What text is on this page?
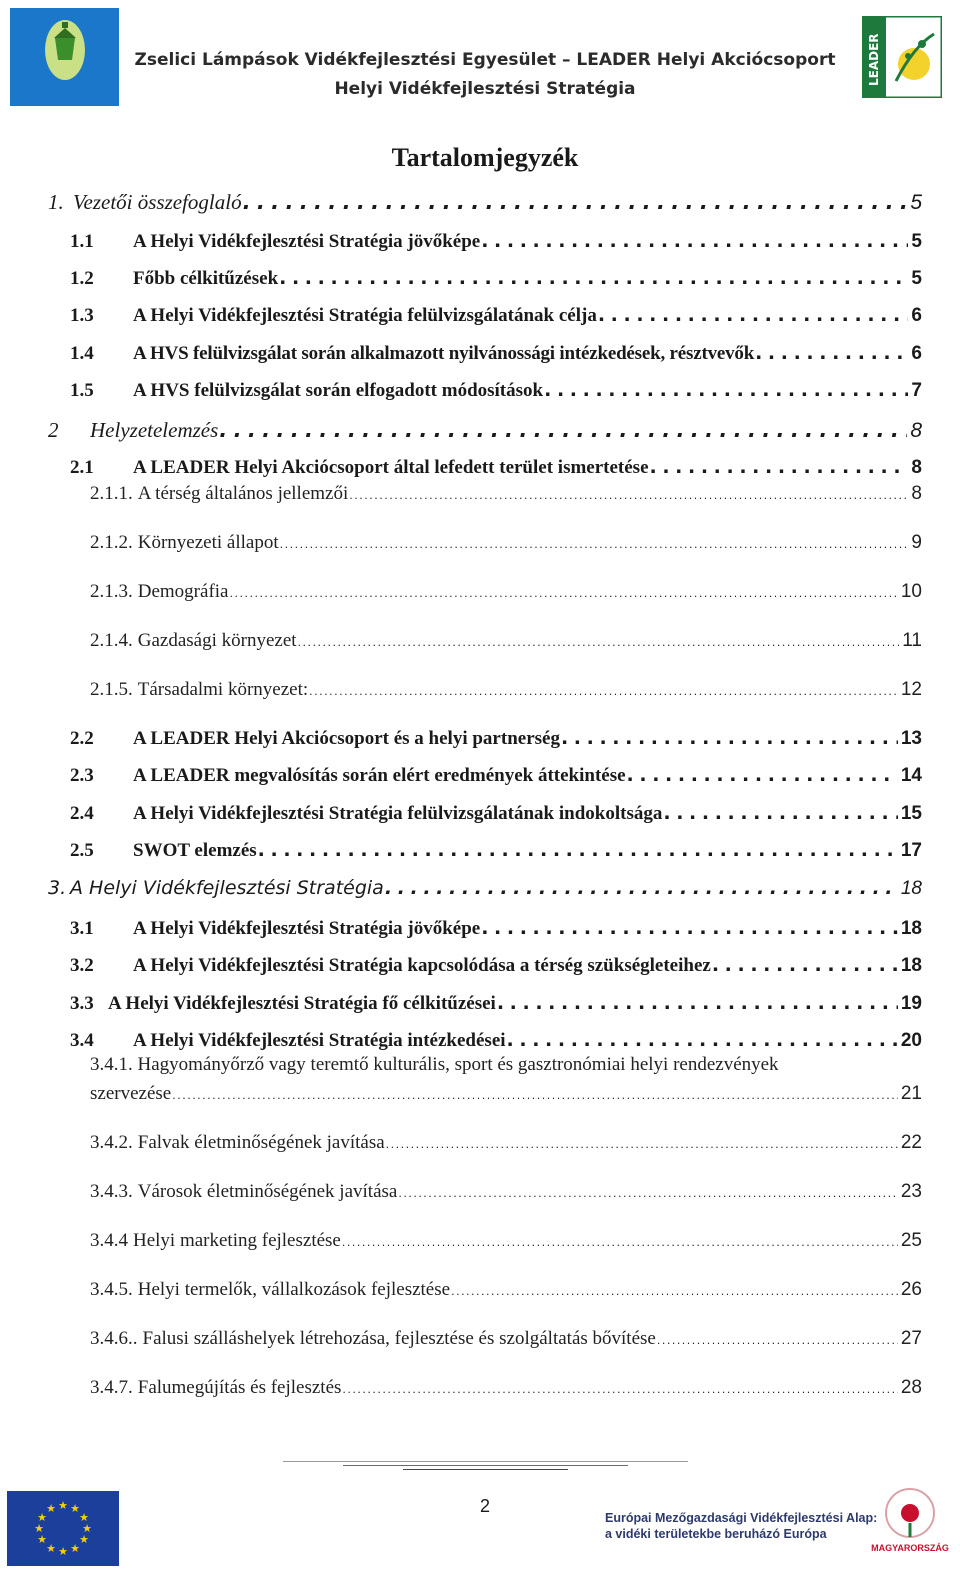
Zselici Lámpások Vidékfejlesztési Egyesület – LEADER Helyi Akciócsoport
Helyi Vidékfejlesztési Stratégia
LEADER
Tartalomjegyzék
1. Vezetői összefoglaló . . .	5
1.1	A Helyi Vidékfejlesztési Stratégia jövőképe . . .	5
1.2	Főbb célkitűzések . . .	5
1.3	A Helyi Vidékfejlesztési Stratégia felülvizsgálatának célja . . .	6
1.4	A HVS felülvizsgálat során alkalmazott nyilvánossági intézkedések, résztvevők . . .	6
1.5	A HVS felülvizsgálat során elfogadott módosítások . . .	7
2	Helyzetelemzés . . .	8
2.1	A LEADER Helyi Akciócsoport által lefedett terület ismertetése . . .	8
2.1.1. A térség általános jellemzői . . .	8
2.1.2. Környezeti állapot . . .	9
2.1.3. Demográfia . . .	10
2.1.4. Gazdasági környezet . . .	11
2.1.5. Társadalmi környezet: . . .	12
2.2	A LEADER Helyi Akciócsoport és a helyi partnerség . . .	13
2.3	A LEADER megvalósítás során elért eredmények áttekintése . . .	14
2.4	A Helyi Vidékfejlesztési Stratégia felülvizsgálatának indokoltsága . . .	15
2.5	SWOT elemzés . . .	17
3. A Helyi Vidékfejlesztési Stratégia . . .	18
3.1	A Helyi Vidékfejlesztési Stratégia jövőképe . . .	18
3.2	A Helyi Vidékfejlesztési Stratégia kapcsolódása a térség szükségleteihez . . .	18
3.3 A Helyi Vidékfejlesztési Stratégia fő célkitűzései . . .	19
3.4	A Helyi Vidékfejlesztési Stratégia intézkedései . . .	20
3.4.1. Hagyományőrző vagy teremtő kulturális, sport és gasztronómiai helyi rendezvények
szervezése . . .	21
3.4.2. Falvak életminőségének javítása . . .	22
3.4.3. Városok életminőségének javítása . . .	23
3.4.4 Helyi marketing fejlesztése . . .	25
3.4.5. Helyi termelők, vállalkozások fejlesztése . . .	26
3.4.6.. Falusi szálláshelyek létrehozása, fejlesztése és szolgáltatás bővítése . . .	27
3.4.7. Falumegújítás és fejlesztés . . .	28
★ ★
★
★
★
★
★
★
★
★
★
★	2
Európai Mezőgazdasági Vidékfejlesztési Alap:
a vidéki területekbe beruházó Európa
MAGYARORSZÁG
